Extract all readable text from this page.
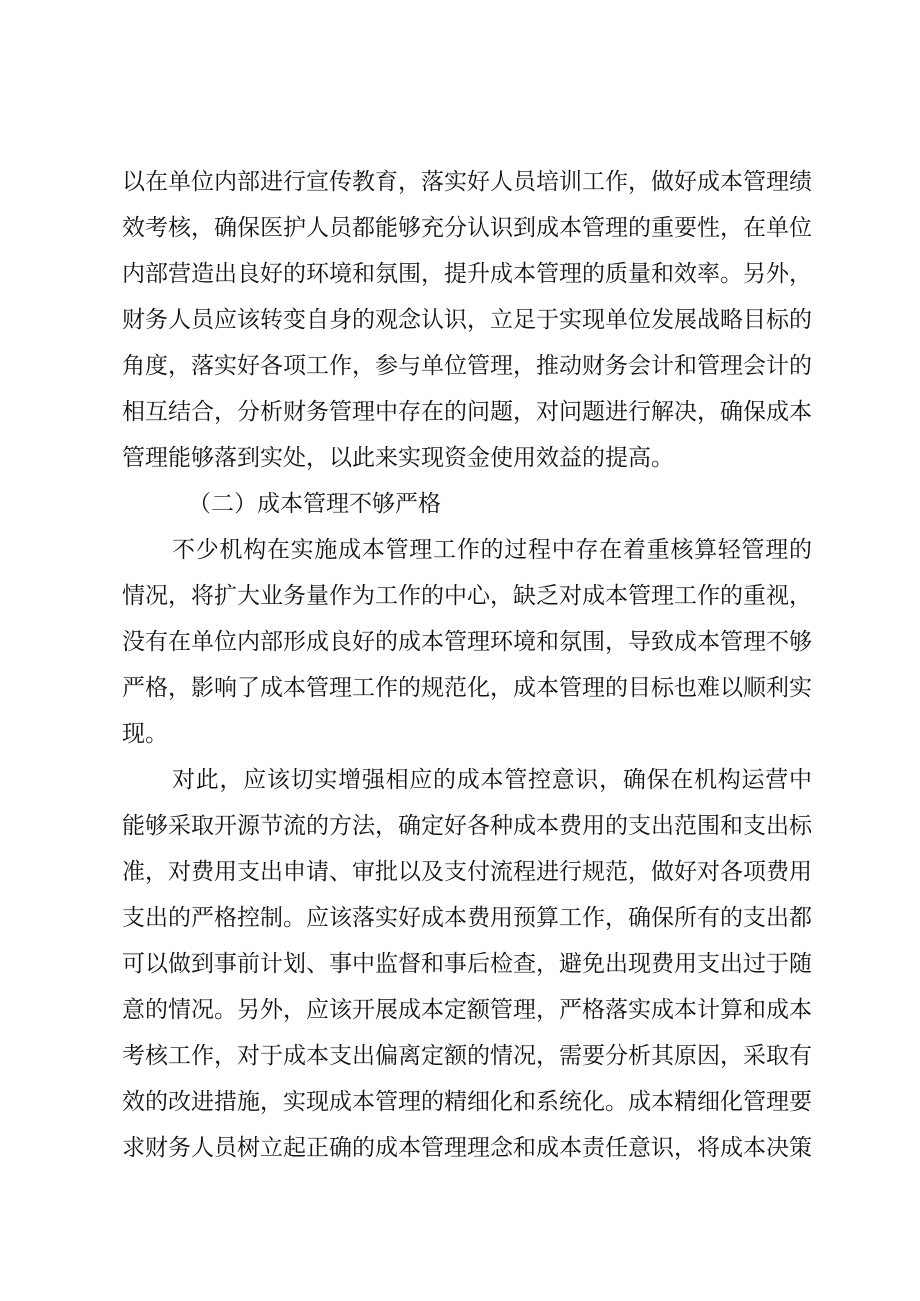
以在单位内部进行宣传教育，落实好人员培训工作，做好成本管理绩
效考核，确保医护人员都能够充分认识到成本管理的重要性，在单位
内部营造出良好的环境和氛围，提升成本管理的质量和效率。另外，
财务人员应该转变自身的观念认识，立足于实现单位发展战略目标的
角度，落实好各项工作，参与单位管理，推动财务会计和管理会计的
相互结合，分析财务管理中存在的问题，对问题进行解决，确保成本
管理能够落到实处，以此来实现资金使用效益的提高。
（二）成本管理不够严格
不少机构在实施成本管理工作的过程中存在着重核算轻管理的
情况，将扩大业务量作为工作的中心，缺乏对成本管理工作的重视，
没有在单位内部形成良好的成本管理环境和氛围，导致成本管理不够
严格，影响了成本管理工作的规范化，成本管理的目标也难以顺利实
现。
对此，应该切实增强相应的成本管控意识，确保在机构运营中
能够采取开源节流的方法，确定好各种成本费用的支出范围和支出标
准，对费用支出申请、审批以及支付流程进行规范，做好对各项费用
支出的严格控制。应该落实好成本费用预算工作，确保所有的支出都
可以做到事前计划、事中监督和事后检查，避免出现费用支出过于随
意的情况。另外，应该开展成本定额管理，严格落实成本计算和成本
考核工作，对于成本支出偏离定额的情况，需要分析其原因，采取有
效的改进措施，实现成本管理的精细化和系统化。成本精细化管理要
求财务人员树立起正确的成本管理理念和成本责任意识，将成本决策
